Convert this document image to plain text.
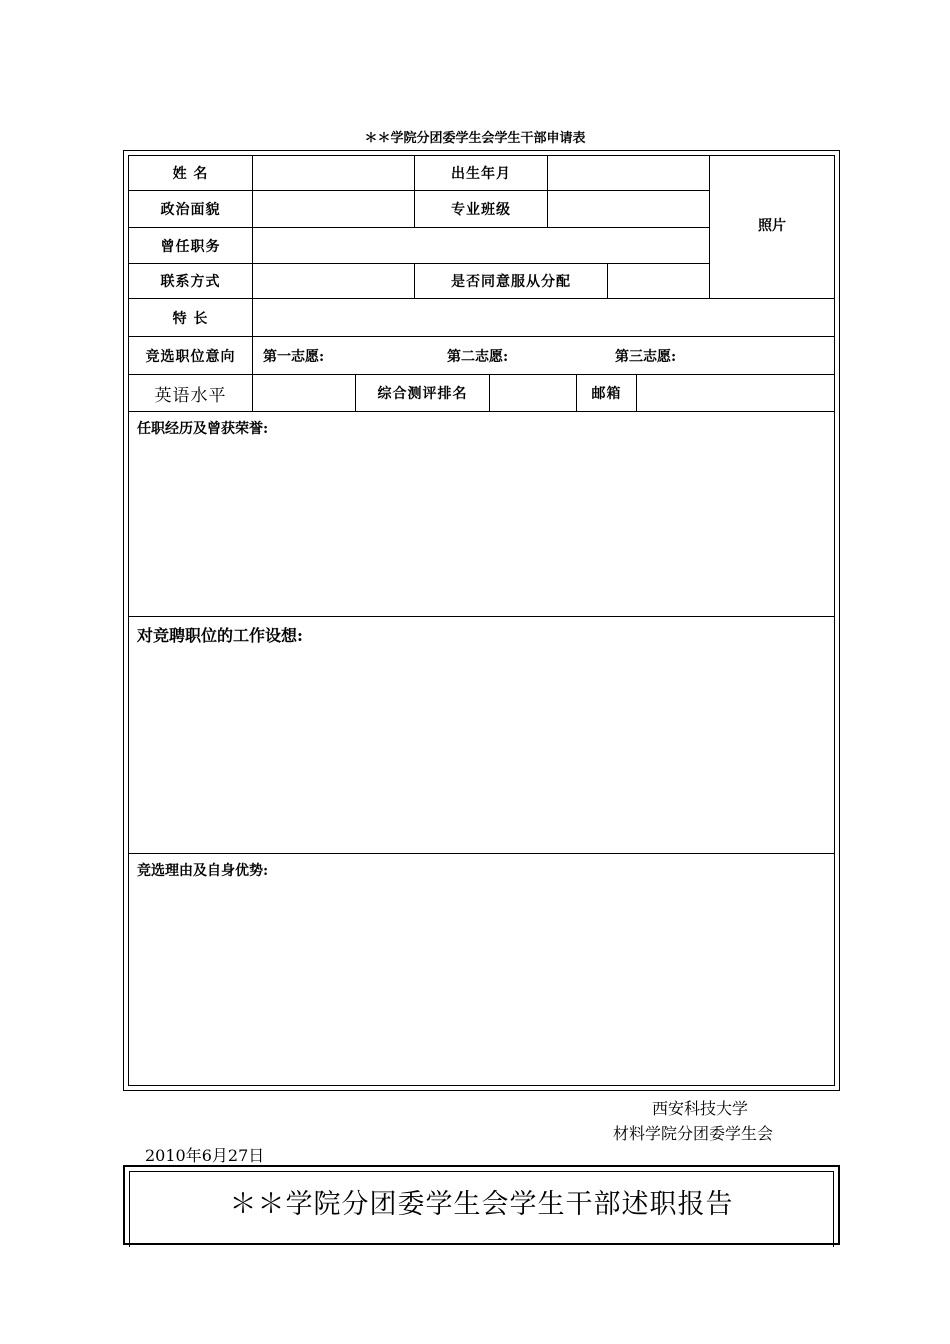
＊＊学院分团委学生会学生干部申请表
姓 名	出生年月
照片
政治面貌	专业班级
曾任职务
联系方式	是否同意服从分配
特 长
竞选职位意向	第一志愿:	第二志愿:	第三志愿:
英语水平	综合测评排名	邮箱
任职经历及曾获荣誉:
对竞聘职位的工作设想:
竞选理由及自身优势:
西安科技大学
材料学院分团委学生会
2010年6月27日
＊＊学院分团委学生会学生干部述职报告
